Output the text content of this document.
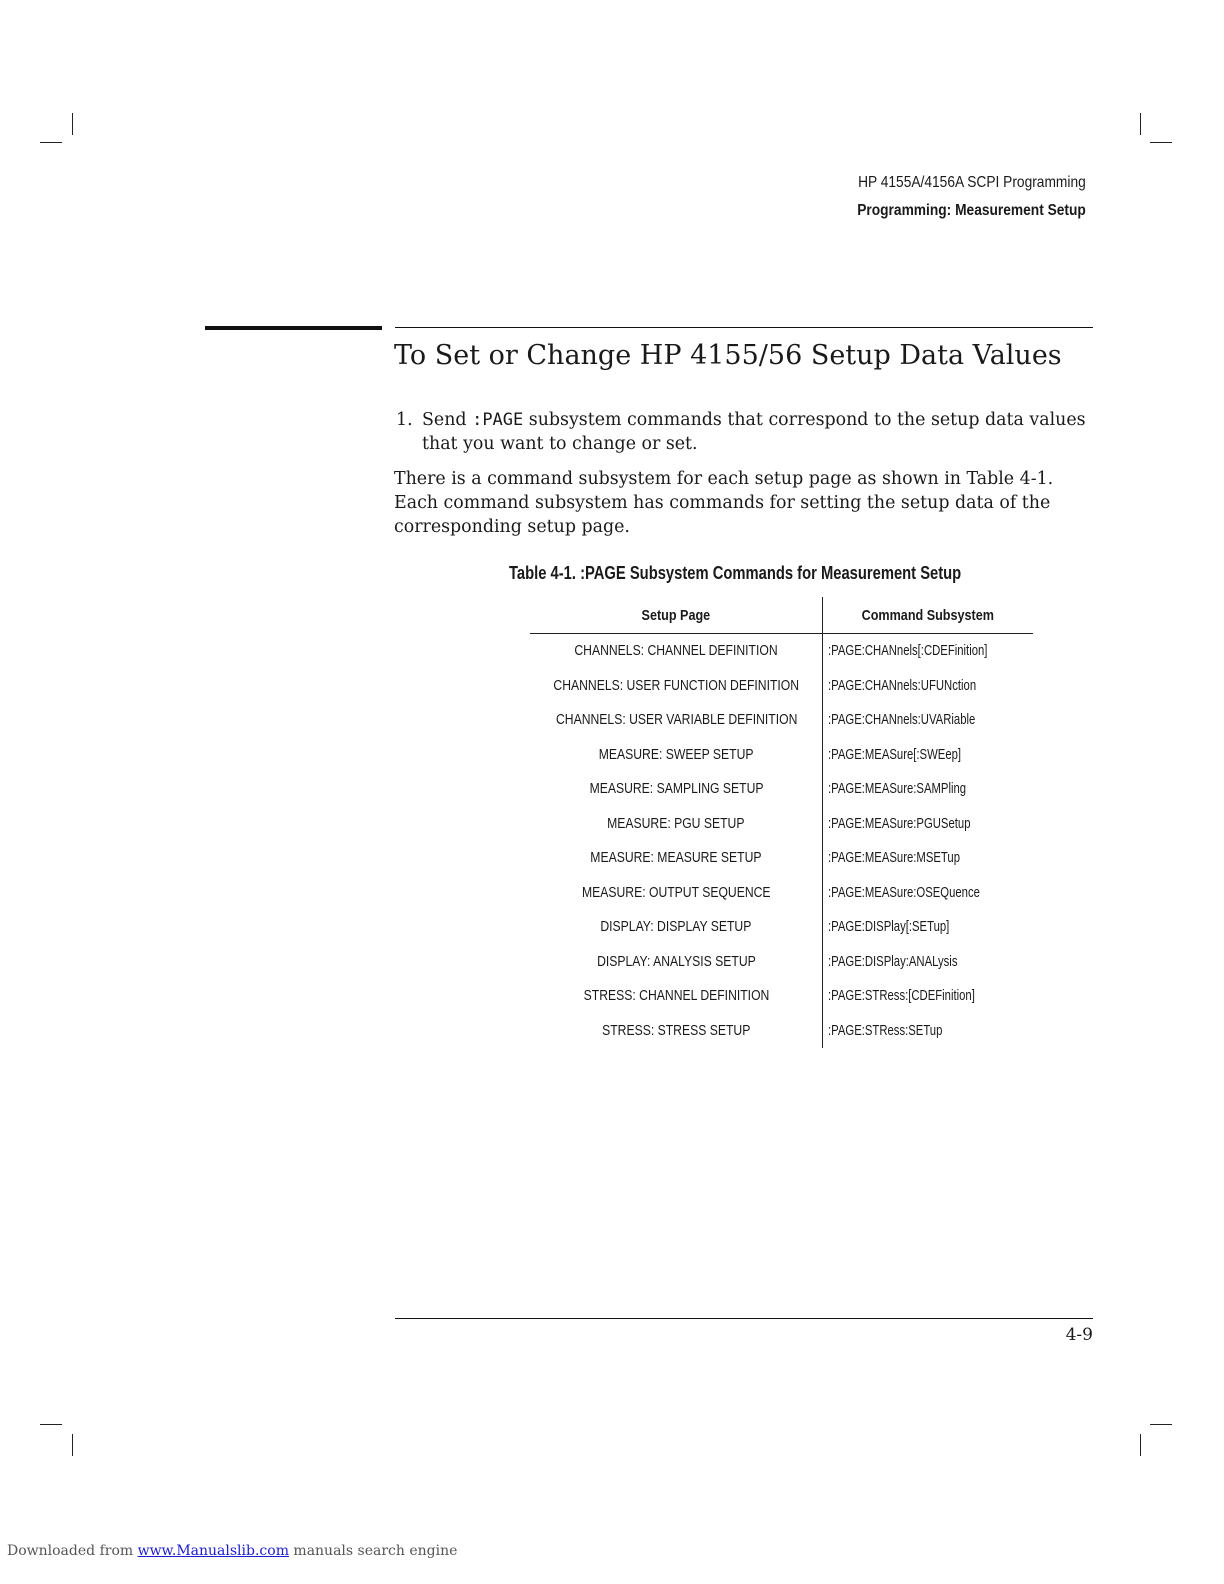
HP 4155A/4156A SCPI Programming
Programming: Measurement Setup
To Set or Change HP 4155/56 Setup Data Values
1. Send :PAGE subsystem commands that correspond to the setup data values that you want to change or set.

There is a command subsystem for each setup page as shown in Table 4-1. Each command subsystem has commands for setting the setup data of the corresponding setup page.

Table 4-1. :PAGE Subsystem Commands for Measurement Setup
Setup Page	Command Subsystem
CHANNELS: CHANNEL DEFINITION	:PAGE:CHANnels[:CDEFinition]
CHANNELS: USER FUNCTION DEFINITION	:PAGE:CHANnels:UFUNction
CHANNELS: USER VARIABLE DEFINITION	:PAGE:CHANnels:UVARiable
MEASURE: SWEEP SETUP	:PAGE:MEASure[:SWEep]
MEASURE: SAMPLING SETUP	:PAGE:MEASure:SAMPling
MEASURE: PGU SETUP	:PAGE:MEASure:PGUSetup
MEASURE: MEASURE SETUP	:PAGE:MEASure:MSETup
MEASURE: OUTPUT SEQUENCE	:PAGE:MEASure:OSEQuence
DISPLAY: DISPLAY SETUP	:PAGE:DISPlay[:SETup]
DISPLAY: ANALYSIS SETUP	:PAGE:DISPlay:ANALysis
STRESS: CHANNEL DEFINITION	:PAGE:STRess:[CDEFinition]
STRESS: STRESS SETUP	:PAGE:STRess:SETup
4-9
Downloaded from www.Manualslib.com manuals search engine
